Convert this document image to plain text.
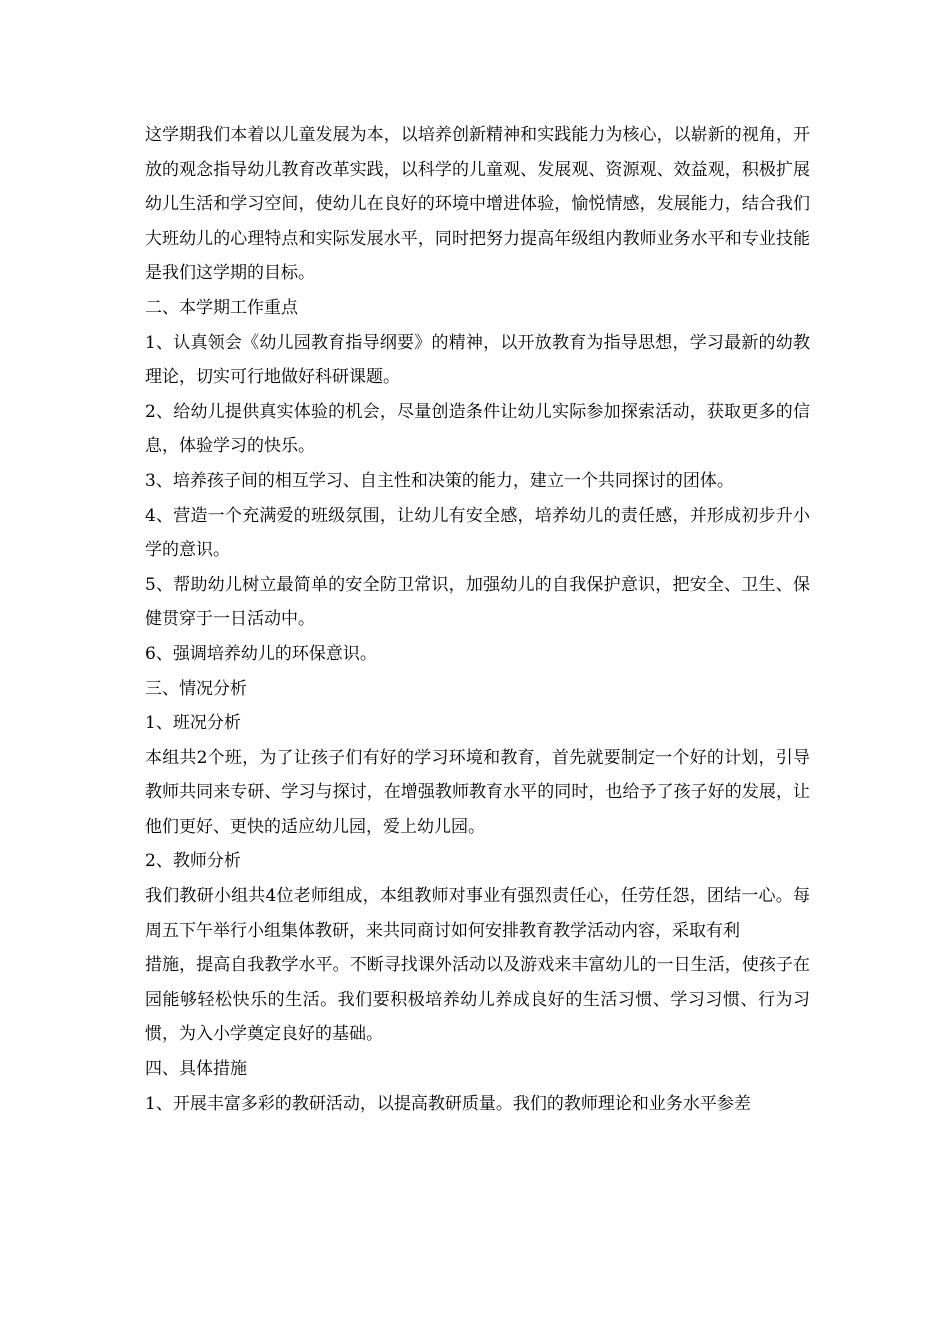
这学期我们本着以儿童发展为本，以培养创新精神和实践能力为核心，以崭新的视角，开放的观念指导幼儿教育改革实践，以科学的儿童观、发展观、资源观、效益观，积极扩展幼儿生活和学习空间，使幼儿在良好的环境中增进体验，愉悦情感，发展能力，结合我们大班幼儿的心理特点和实际发展水平，同时把努力提高年级组内教师业务水平和专业技能是我们这学期的目标。

二、本学期工作重点

1、认真领会《幼儿园教育指导纲要》的精神，以开放教育为指导思想，学习最新的幼教理论，切实可行地做好科研课题。

2、给幼儿提供真实体验的机会，尽量创造条件让幼儿实际参加探索活动，获取更多的信息，体验学习的快乐。

3、培养孩子间的相互学习、自主性和决策的能力，建立一个共同探讨的团体。

4、营造一个充满爱的班级氛围，让幼儿有安全感，培养幼儿的责任感，并形成初步升小学的意识。

5、帮助幼儿树立最简单的安全防卫常识，加强幼儿的自我保护意识，把安全、卫生、保健贯穿于一日活动中。

6、强调培养幼儿的环保意识。

三、情况分析

1、班况分析

本组共2个班，为了让孩子们有好的学习环境和教育，首先就要制定一个好的计划，引导教师共同来专研、学习与探讨，在增强教师教育水平的同时，也给予了孩子好的发展，让他们更好、更快的适应幼儿园，爱上幼儿园。

2、教师分析

我们教研小组共4位老师组成，本组教师对事业有强烈责任心，任劳任怨，团结一心。每周五下午举行小组集体教研，来共同商讨如何安排教育教学活动内容，采取有利

措施，提高自我教学水平。不断寻找课外活动以及游戏来丰富幼儿的一日生活，使孩子在园能够轻松快乐的生活。我们要积极培养幼儿养成良好的生活习惯、学习习惯、行为习惯，为入小学奠定良好的基础。

四、具体措施

1、开展丰富多彩的教研活动，以提高教研质量。我们的教师理论和业务水平参差
